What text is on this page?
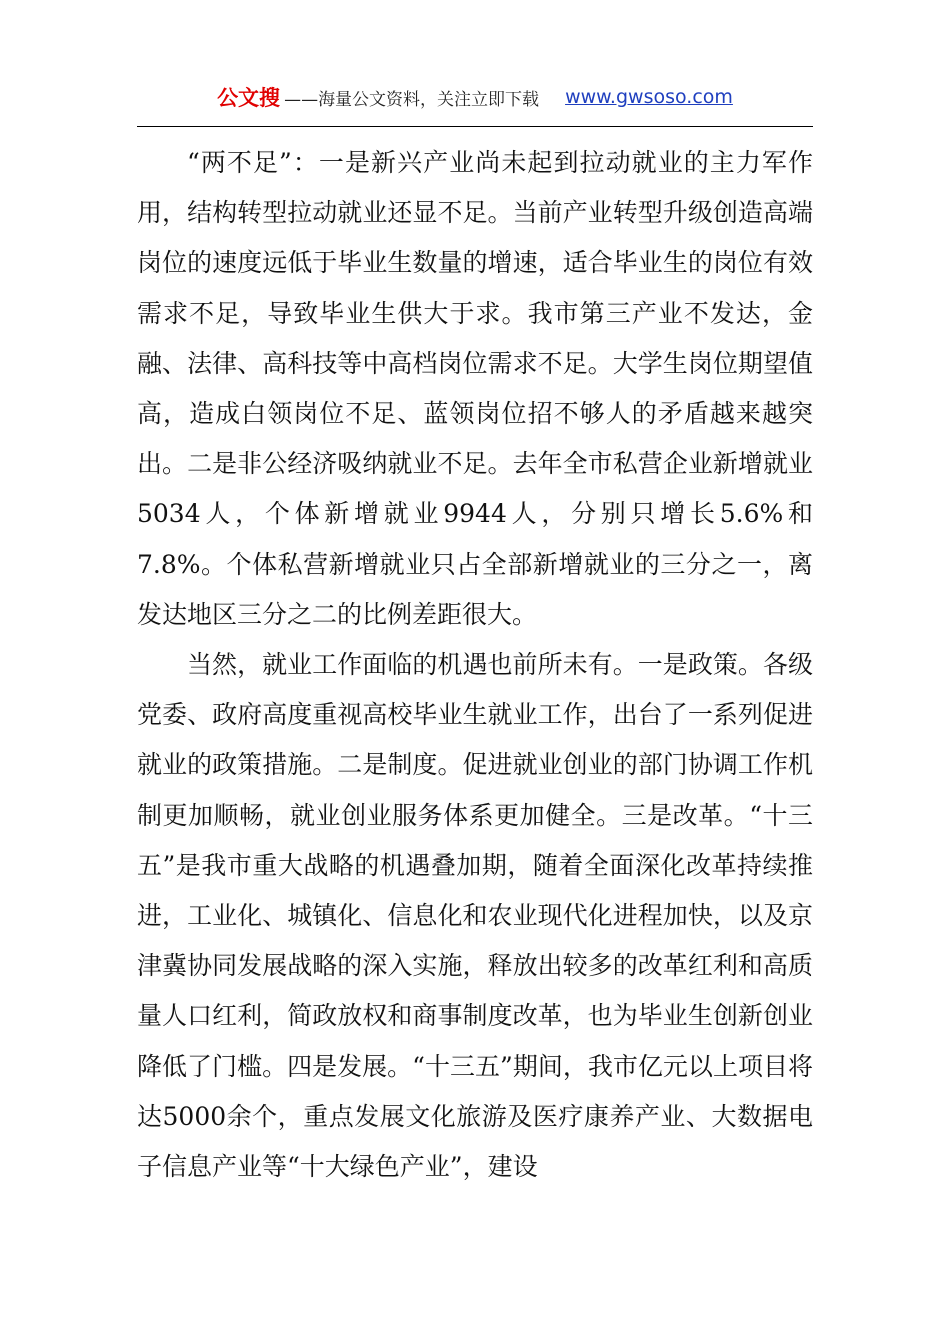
公文搜 ——海量公文资料，关注立即下载 www.gwsoso.com

“两不足”：一是新兴产业尚未起到拉动就业的主力军作用，结构转型拉动就业还显不足。当前产业转型升级创造高端岗位的速度远低于毕业生数量的增速，适合毕业生的岗位有效需求不足，导致毕业生供大于求。我市第三产业不发达，金融、法律、高科技等中高档岗位需求不足。大学生岗位期望值高，造成白领岗位不足、蓝领岗位招不够人的矛盾越来越突出。二是非公经济吸纳就业不足。去年全市私营企业新增就业5034人，个体新增就业9944人，分别只增长5.6%和7.8%。个体私营新增就业只占全部新增就业的三分之一，离发达地区三分之二的比例差距很大。

当然，就业工作面临的机遇也前所未有。一是政策。各级党委、政府高度重视高校毕业生就业工作，出台了一系列促进就业的政策措施。二是制度。促进就业创业的部门协调工作机制更加顺畅，就业创业服务体系更加健全。三是改革。“十三五”是我市重大战略的机遇叠加期，随着全面深化改革持续推进，工业化、城镇化、信息化和农业现代化进程加快，以及京津冀协同发展战略的深入实施，释放出较多的改革红利和高质量人口红利，简政放权和商事制度改革，也为毕业生创新创业降低了门槛。四是发展。“十三五”期间，我市亿元以上项目将达5000余个，重点发展文化旅游及医疗康养产业、大数据电子信息产业等“十大绿色产业”，建设
